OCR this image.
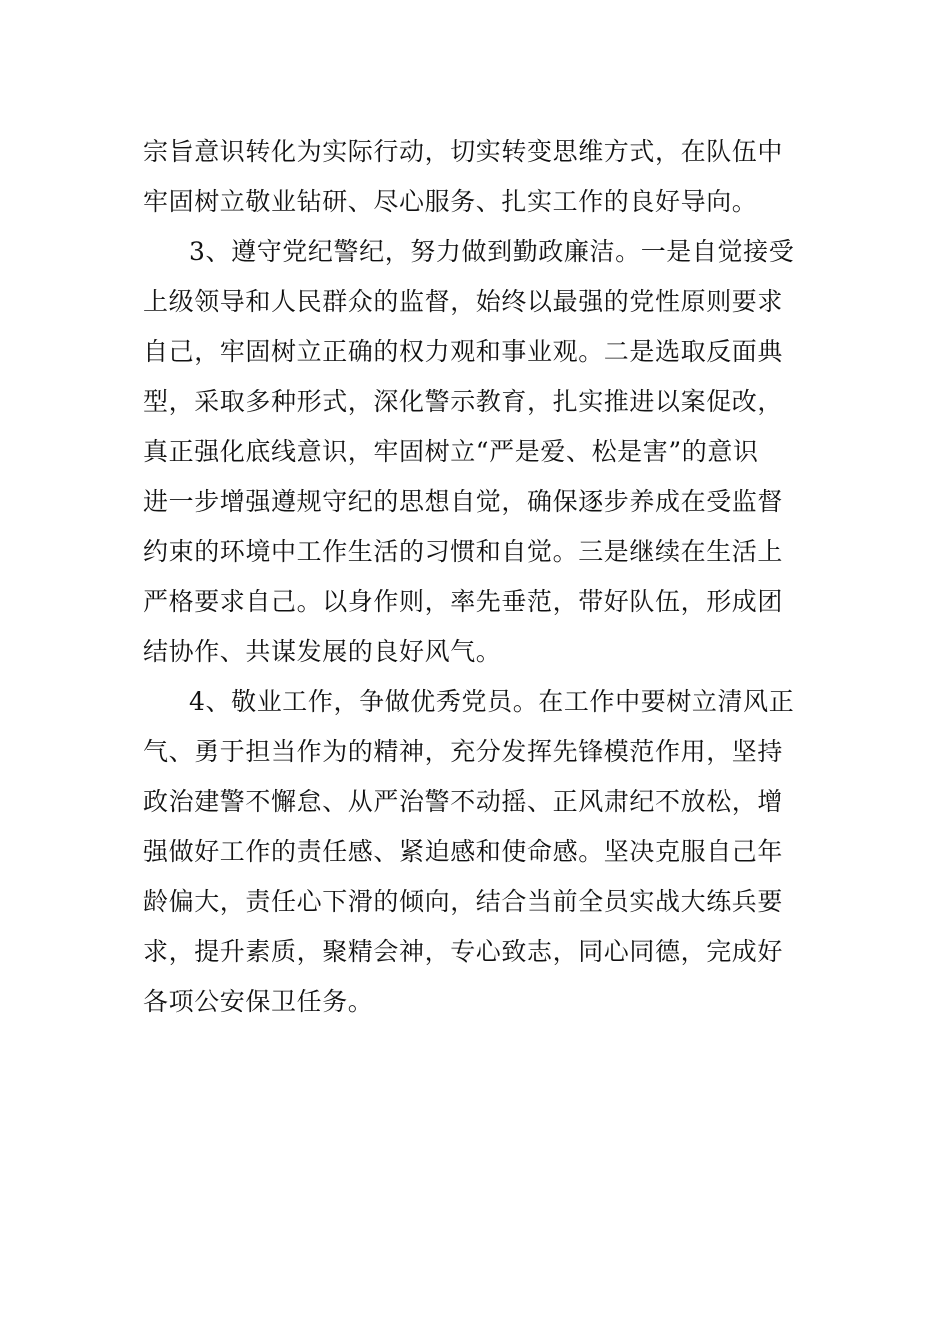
宗旨意识转化为实际行动，切实转变思维方式，在队伍中
牢固树立敬业钻研、尽心服务、扎实工作的良好导向。
3、遵守党纪警纪，努力做到勤政廉洁。一是自觉接受
上级领导和人民群众的监督，始终以最强的党性原则要求
自己，牢固树立正确的权力观和事业观。二是选取反面典
型，采取多种形式，深化警示教育，扎实推进以案促改，
真正强化底线意识，牢固树立“严是爱、松是害”的意识
进一步增强遵规守纪的思想自觉，确保逐步养成在受监督
约束的环境中工作生活的习惯和自觉。三是继续在生活上
严格要求自己。以身作则，率先垂范，带好队伍，形成团
结协作、共谋发展的良好风气。
4、敬业工作，争做优秀党员。在工作中要树立清风正
气、勇于担当作为的精神，充分发挥先锋模范作用，坚持
政治建警不懈怠、从严治警不动摇、正风肃纪不放松，增
强做好工作的责任感、紧迫感和使命感。坚决克服自己年
龄偏大，责任心下滑的倾向，结合当前全员实战大练兵要
求，提升素质，聚精会神，专心致志，同心同德，完成好
各项公安保卫任务。
